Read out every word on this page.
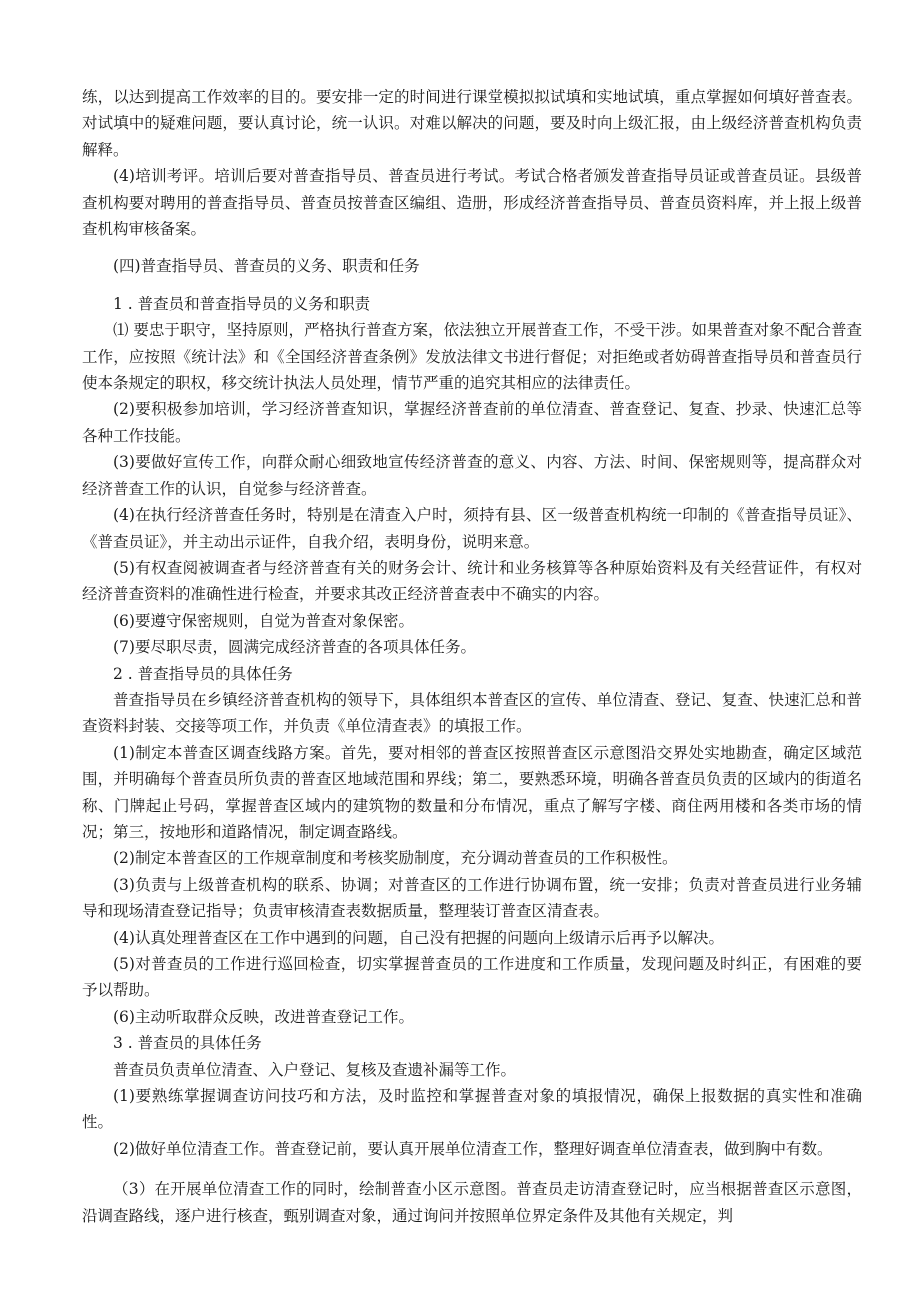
练，以达到提高工作效率的目的。要安排一定的时间进行课堂模拟拟试填和实地试填，重点掌握如何填好普查表。对试填中的疑难问题，要认真讨论，统一认识。对难以解决的问题，要及时向上级汇报，由上级经济普查机构负责解释。

(4)培训考评。培训后要对普查指导员、普查员进行考试。考试合格者颁发普查指导员证或普查员证。县级普查机构要对聘用的普查指导员、普查员按普查区编组、造册，形成经济普查指导员、普查员资料库，并上报上级普查机构审核备案。

(四)普查指导员、普查员的义务、职责和任务

1 . 普查员和普查指导员的义务和职责

⑴ 要忠于职守，坚持原则，严格执行普查方案，依法独立开展普查工作，不受干涉。如果普查对象不配合普查工作，应按照《统计法》和《全国经济普查条例》发放法律文书进行督促；对拒绝或者妨碍普查指导员和普查员行使本条规定的职权，移交统计执法人员处理，情节严重的追究其相应的法律责任。

(2)要积极参加培训，学习经济普查知识，掌握经济普查前的单位清查、普查登记、复查、抄录、快速汇总等各种工作技能。

(3)要做好宣传工作，向群众耐心细致地宣传经济普查的意义、内容、方法、时间、保密规则等，提高群众对经济普查工作的认识，自觉参与经济普查。

(4)在执行经济普查任务时，特别是在清查入户时，须持有县、区一级普查机构统一印制的《普查指导员证》、《普查员证》，并主动出示证件，自我介绍，表明身份，说明来意。

(5)有权查阅被调查者与经济普查有关的财务会计、统计和业务核算等各种原始资料及有关经营证件，有权对经济普查资料的准确性进行检查，并要求其改正经济普查表中不确实的内容。

(6)要遵守保密规则，自觉为普查对象保密。

(7)要尽职尽责，圆满完成经济普查的各项具体任务。

2 . 普查指导员的具体任务

普查指导员在乡镇经济普查机构的领导下，具体组织本普查区的宣传、单位清查、登记、复查、快速汇总和普查资料封装、交接等项工作，并负责《单位清查表》的填报工作。

(1)制定本普查区调查线路方案。首先，要对相邻的普查区按照普查区示意图沿交界处实地勘查，确定区域范围，并明确每个普查员所负责的普查区地域范围和界线；第二，要熟悉环境，明确各普查员负责的区域内的街道名称、门牌起止号码，掌握普查区域内的建筑物的数量和分布情况，重点了解写字楼、商住两用楼和各类市场的情况；第三，按地形和道路情况，制定调查路线。

(2)制定本普查区的工作规章制度和考核奖励制度，充分调动普查员的工作积极性。

(3)负责与上级普查机构的联系、协调；对普查区的工作进行协调布置，统一安排；负责对普查员进行业务辅导和现场清查登记指导；负责审核清查表数据质量，整理装订普查区清查表。

(4)认真处理普查区在工作中遇到的问题，自己没有把握的问题向上级请示后再予以解决。

(5)对普查员的工作进行巡回检查，切实掌握普查员的工作进度和工作质量，发现问题及时纠正，有困难的要予以帮助。

(6)主动听取群众反映，改进普查登记工作。

3 . 普查员的具体任务

普查员负责单位清查、入户登记、复核及查遗补漏等工作。

(1)要熟练掌握调查访问技巧和方法，及时监控和掌握普查对象的填报情况，确保上报数据的真实性和准确性。

(2)做好单位清查工作。普查登记前，要认真开展单位清查工作，整理好调查单位清查表，做到胸中有数。

（3）在开展单位清查工作的同时，绘制普查小区示意图。普查员走访清查登记时，应当根据普查区示意图，沿调查路线，逐户进行核查，甄别调查对象，通过询问并按照单位界定条件及其他有关规定，判
